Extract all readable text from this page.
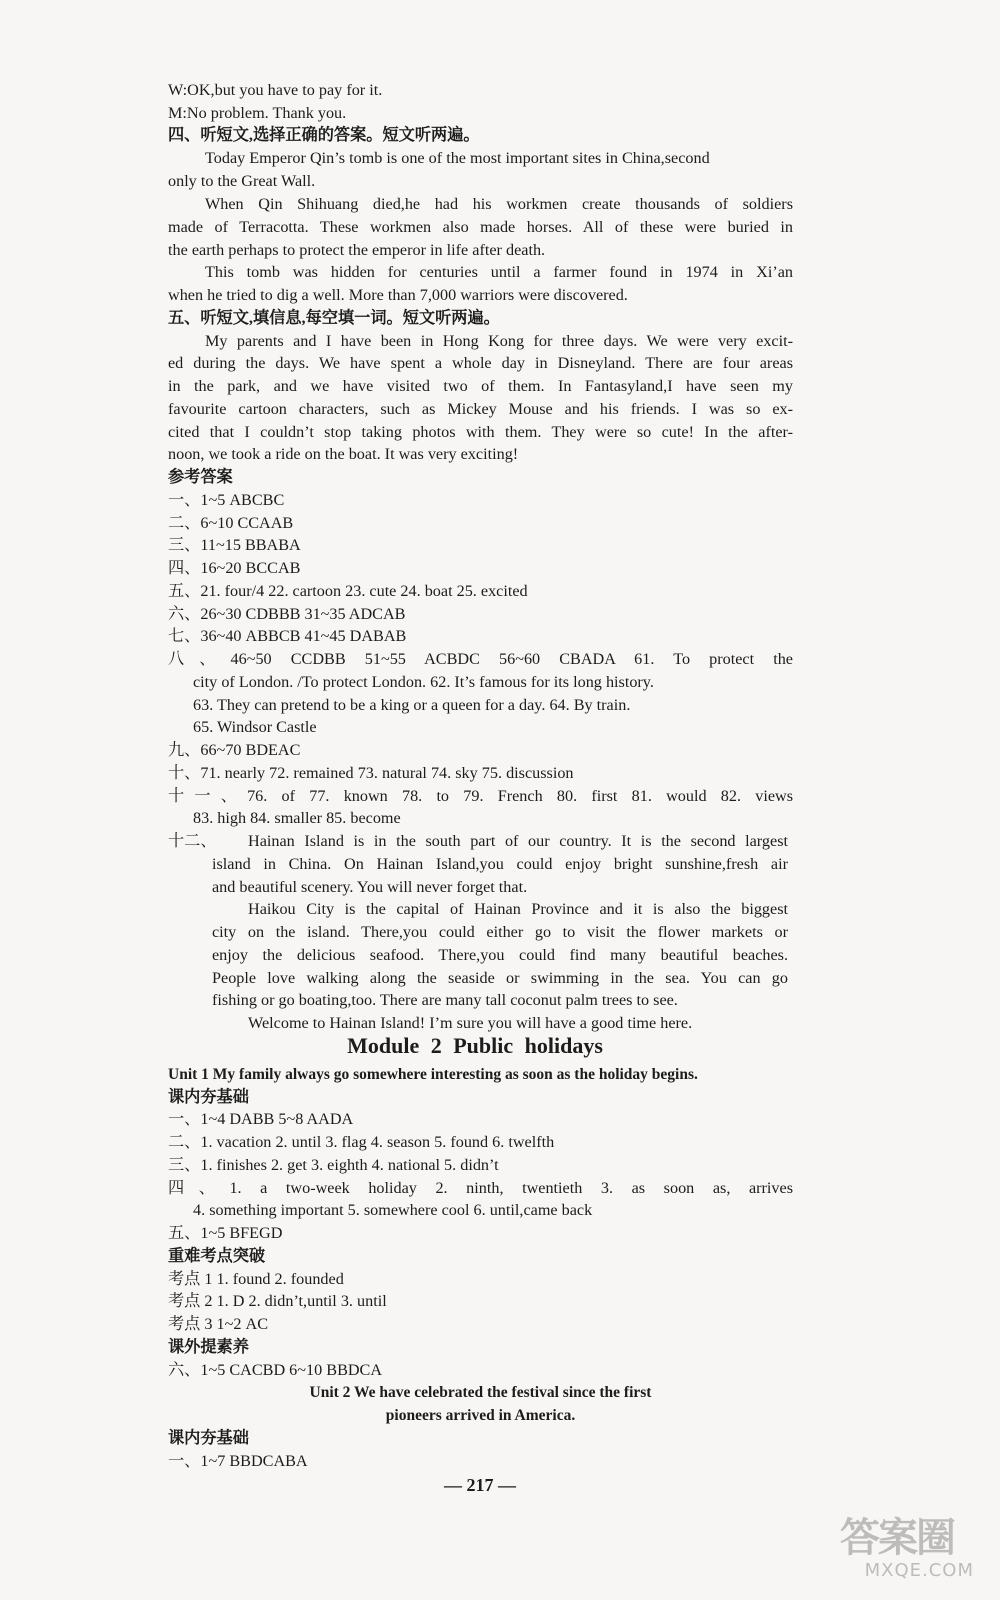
W:OK,but you have to pay for it.
M:No problem. Thank you.
四、听短文,选择正确的答案。短文听两遍。
Today Emperor Qin’s tomb is one of the most important sites in China,second
only to the Great Wall.
When Qin Shihuang died,he had his workmen create thousands of soldiers
made of Terracotta. These workmen also made horses. All of these were buried in
the earth perhaps to protect the emperor in life after death.
This tomb was hidden for centuries until a farmer found in 1974 in Xi’an
when he tried to dig a well. More than 7,000 warriors were discovered.
五、听短文,填信息,每空填一词。短文听两遍。
My parents and I have been in Hong Kong for three days. We were very excit-
ed during the days. We have spent a whole day in Disneyland. There are four areas
in the park, and we have visited two of them. In Fantasyland,I have seen my
favourite cartoon characters, such as Mickey Mouse and his friends. I was so ex-
cited that I couldn’t stop taking photos with them. They were so cute! In the after-
noon, we took a ride on the boat. It was very exciting!
参考答案
一、1~5 ABCBC
二、6~10 CCAAB
三、11~15 BBABA
四、16~20 BCCAB
五、21. four/4 22. cartoon 23. cute 24. boat 25. excited
六、26~30 CDBBB 31~35 ADCAB
七、36~40 ABBCB 41~45 DABAB
八、46~50 CCDBB 51~55 ACBDC 56~60 CBADA 61. To protect the
city of London. /To protect London. 62. It’s famous for its long history.
63. They can pretend to be a king or a queen for a day. 64. By train.
65. Windsor Castle
九、66~70 BDEAC
十、71. nearly 72. remained 73. natural 74. sky 75. discussion
十一、76. of 77. known 78. to 79. French 80. first 81. would 82. views
83. high 84. smaller 85. become
十二、 Hainan Island is in the south part of our country. It is the second largest
island in China. On Hainan Island,you could enjoy bright sunshine,fresh air
and beautiful scenery. You will never forget that.
Haikou City is the capital of Hainan Province and it is also the biggest
city on the island. There,you could either go to visit the flower markets or
enjoy the delicious seafood. There,you could find many beautiful beaches.
People love walking along the seaside or swimming in the sea. You can go
fishing or go boating,too. There are many tall coconut palm trees to see.
Welcome to Hainan Island! I’m sure you will have a good time here.
Module 2 Public holidays
Unit 1 My family always go somewhere interesting as soon as the holiday begins.
课内夯基础
一、1~4 DABB 5~8 AADA
二、1. vacation 2. until 3. flag 4. season 5. found 6. twelfth
三、1. finishes 2. get 3. eighth 4. national 5. didn’t
四、1. a two-week holiday 2. ninth, twentieth 3. as soon as, arrives
4. something important 5. somewhere cool 6. until,came back
五、1~5 BFEGD
重难考点突破
考点 1 1. found 2. founded
考点 2 1. D 2. didn’t,until 3. until
考点 3 1~2 AC
课外提素养
六、1~5 CACBD 6~10 BBDCA
Unit 2 We have celebrated the festival since the first
pioneers arrived in America.
课内夯基础
一、1~7 BBDCABA
— 217 —
答案圈
MXQE.COM
